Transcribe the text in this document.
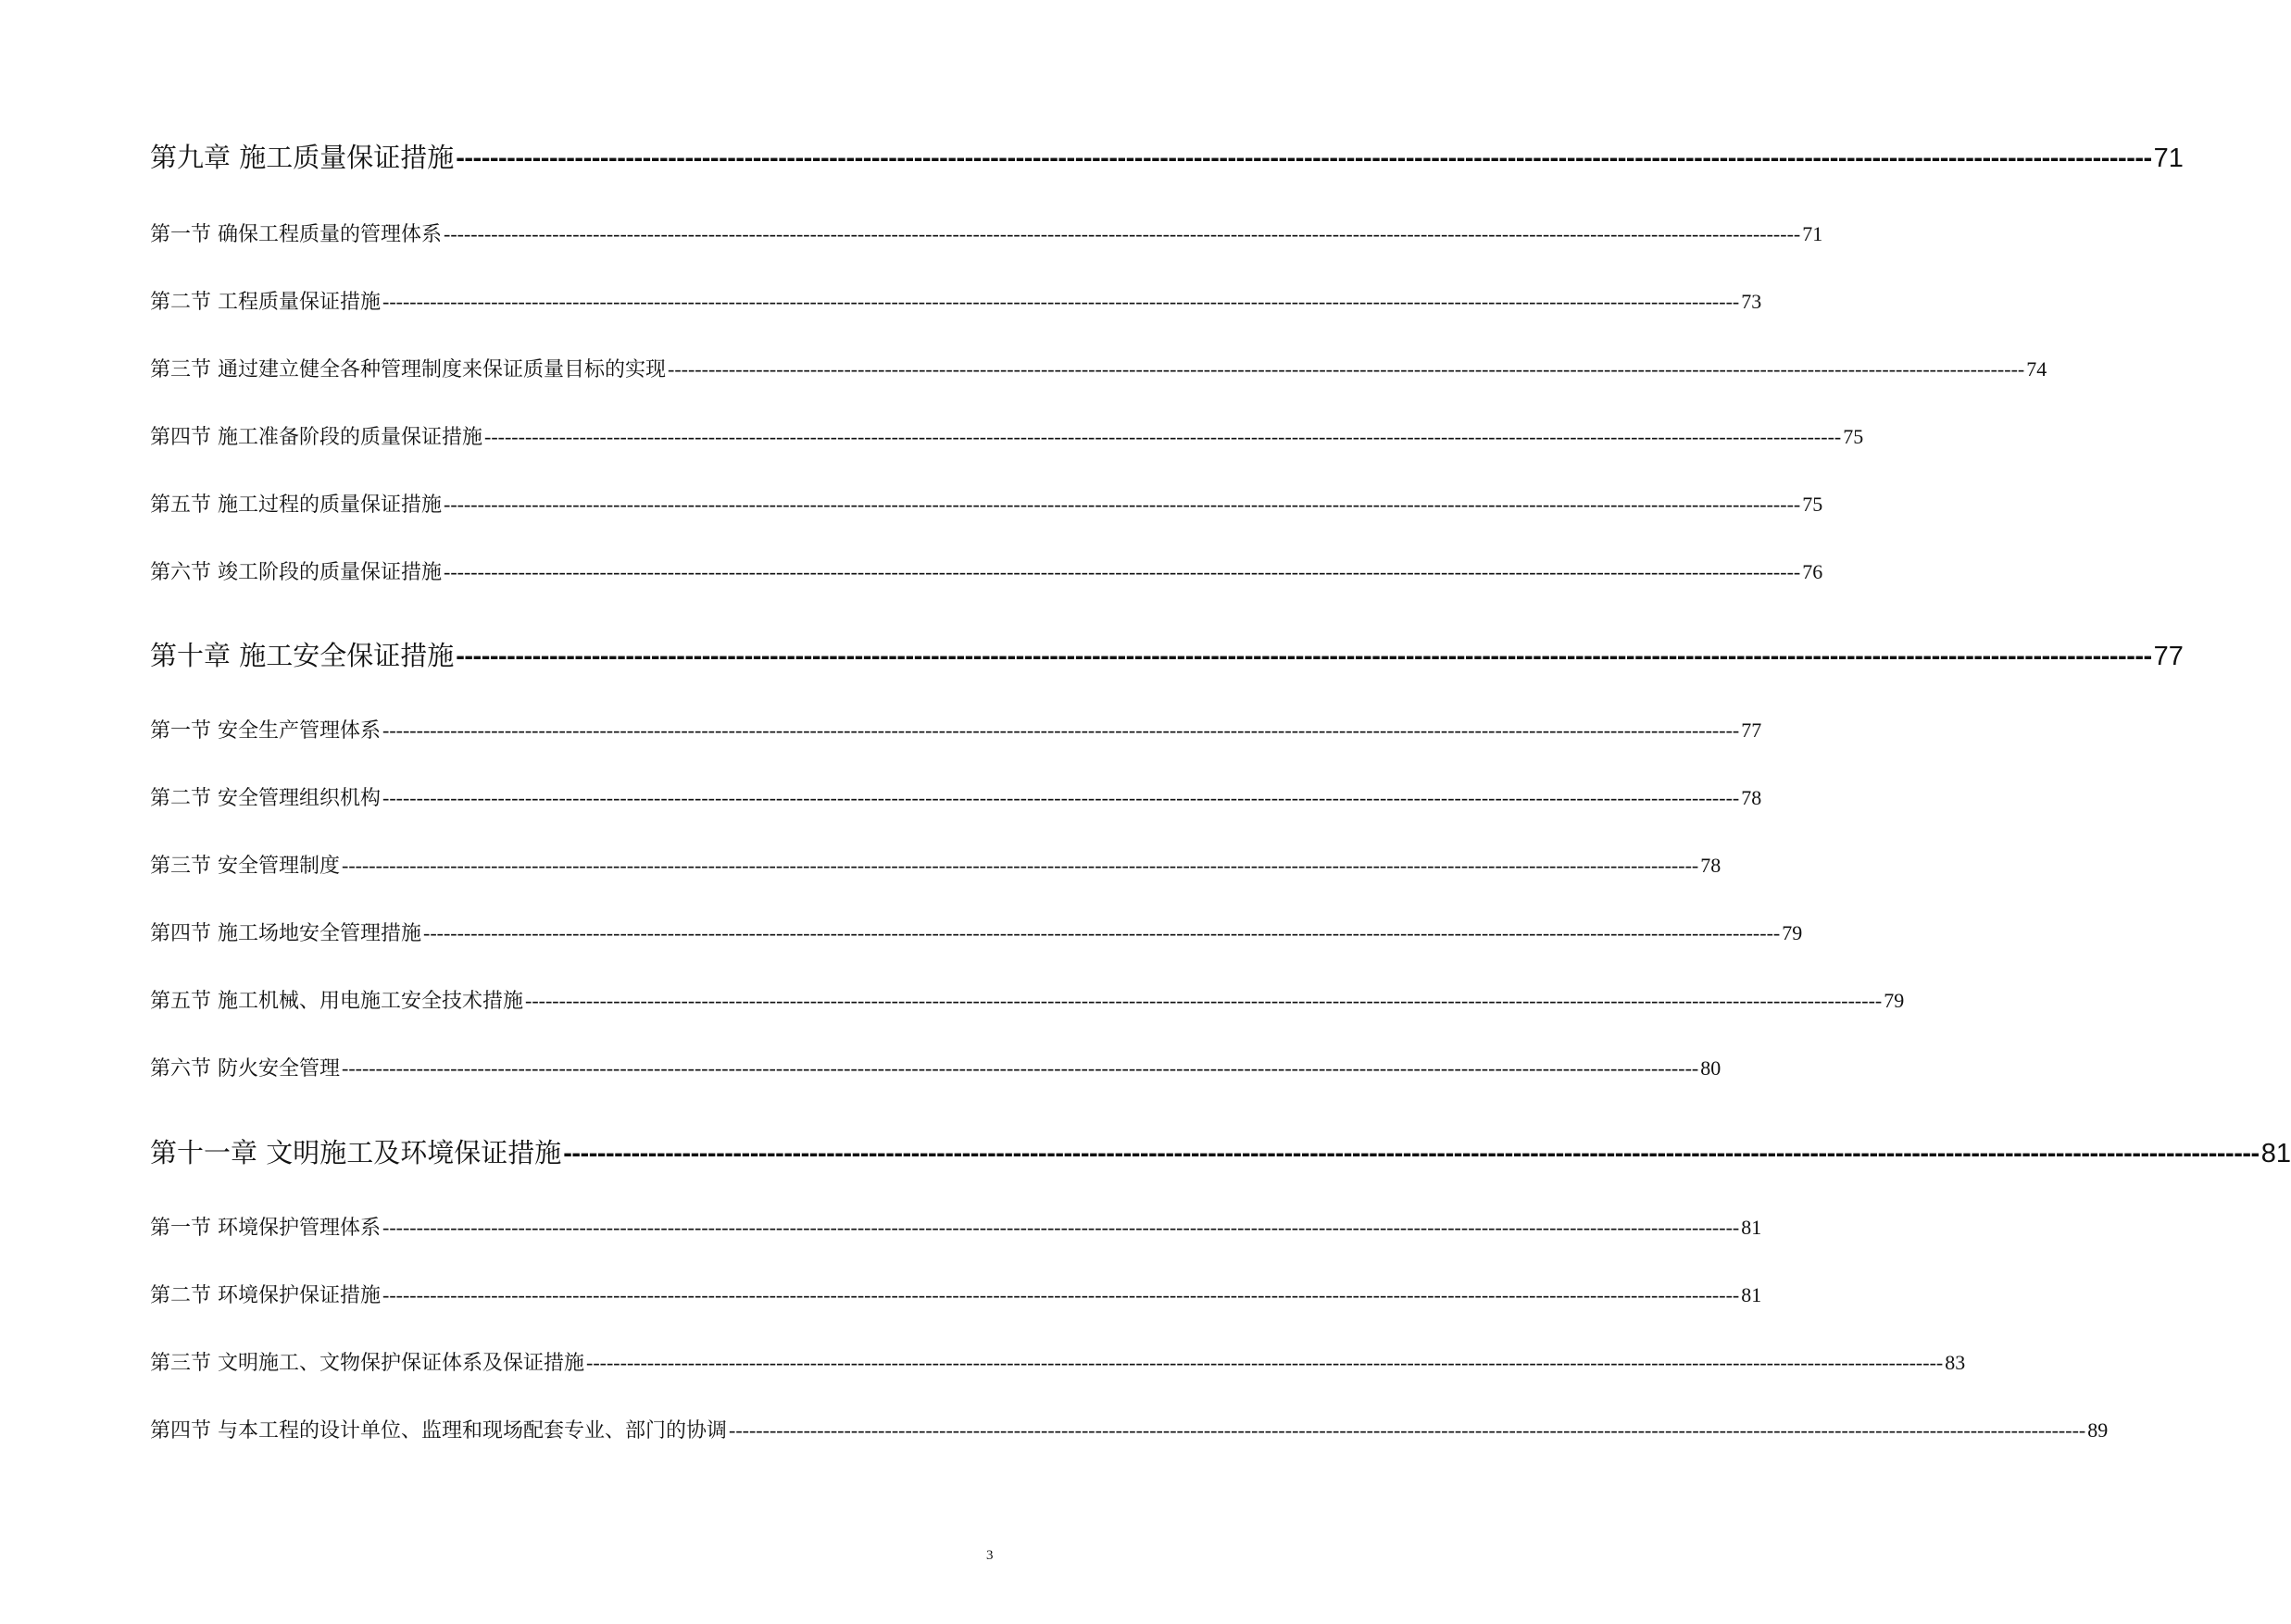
第九章 施工质量保证措施 -------------------------------------------------------------------------------------------------------------------------------------------------------------------------------------------------------- 71
第一节 确保工程质量的管理体系 -------------------------------------------------------------------------------------------------------------------------------------------------------------------------------------------------------- 71
第二节 工程质量保证措施 -------------------------------------------------------------------------------------------------------------------------------------------------------------------------------------------------------- 73
第三节 通过建立健全各种管理制度来保证质量目标的实现 -------------------------------------------------------------------------------------------------------------------------------------------------------------------------------------------------------- 74
第四节 施工准备阶段的质量保证措施 -------------------------------------------------------------------------------------------------------------------------------------------------------------------------------------------------------- 75
第五节 施工过程的质量保证措施 -------------------------------------------------------------------------------------------------------------------------------------------------------------------------------------------------------- 75
第六节 竣工阶段的质量保证措施 -------------------------------------------------------------------------------------------------------------------------------------------------------------------------------------------------------- 76
第十章 施工安全保证措施 -------------------------------------------------------------------------------------------------------------------------------------------------------------------------------------------------------- 77
第一节 安全生产管理体系 -------------------------------------------------------------------------------------------------------------------------------------------------------------------------------------------------------- 77
第二节 安全管理组织机构 -------------------------------------------------------------------------------------------------------------------------------------------------------------------------------------------------------- 78
第三节 安全管理制度 -------------------------------------------------------------------------------------------------------------------------------------------------------------------------------------------------------- 78
第四节 施工场地安全管理措施 -------------------------------------------------------------------------------------------------------------------------------------------------------------------------------------------------------- 79
第五节 施工机械、用电施工安全技术措施 -------------------------------------------------------------------------------------------------------------------------------------------------------------------------------------------------------- 79
第六节 防火安全管理 -------------------------------------------------------------------------------------------------------------------------------------------------------------------------------------------------------- 80
第十一章 文明施工及环境保证措施 -------------------------------------------------------------------------------------------------------------------------------------------------------------------------------------------------------- 81
第一节 环境保护管理体系 -------------------------------------------------------------------------------------------------------------------------------------------------------------------------------------------------------- 81
第二节 环境保护保证措施 -------------------------------------------------------------------------------------------------------------------------------------------------------------------------------------------------------- 81
第三节 文明施工、文物保护保证体系及保证措施 -------------------------------------------------------------------------------------------------------------------------------------------------------------------------------------------------------- 83
第四节 与本工程的设计单位、监理和现场配套专业、部门的协调 -------------------------------------------------------------------------------------------------------------------------------------------------------------------------------------------------------- 89
3
